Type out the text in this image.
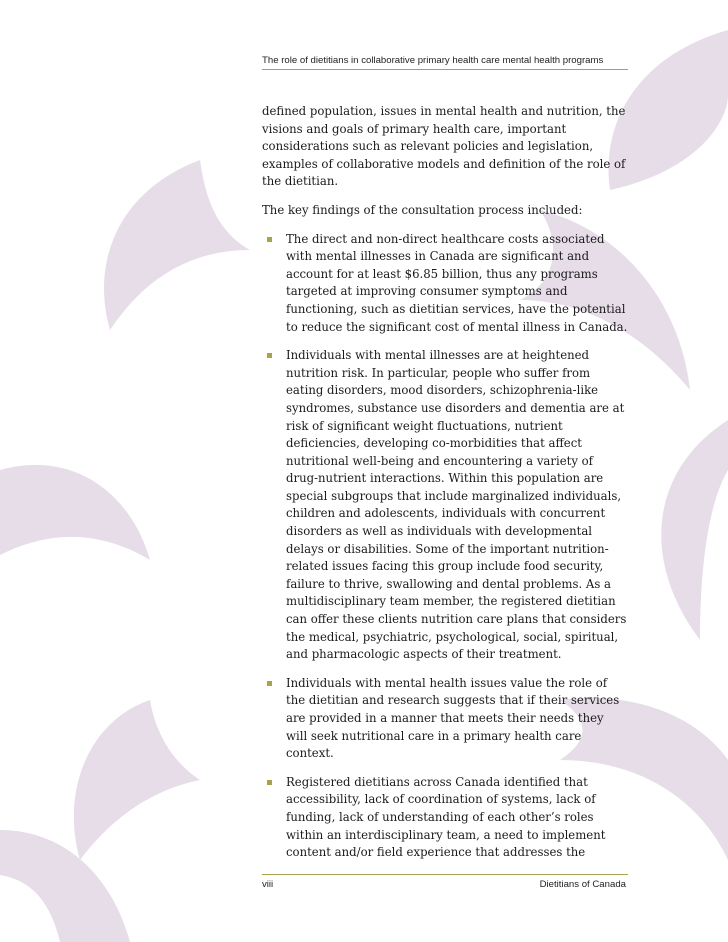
The role of dietitians in collaborative primary health care mental health programs

defined population, issues in mental health and nutrition, the visions and goals of primary health care, important considerations such as relevant policies and legislation, examples of collaborative models and definition of the role of the dietitian.

The key findings of the consultation process included:

The direct and non-direct healthcare costs associated with mental illnesses in Canada are significant and account for at least $6.85 billion, thus any programs targeted at improving consumer symptoms and functioning, such as dietitian services, have the potential to reduce the significant cost of mental illness in Canada.
Individuals with mental illnesses are at heightened nutrition risk. In particular, people who suffer from eating disorders, mood disorders, schizophrenia-like syndromes, substance use disorders and dementia are at risk of significant weight fluctuations, nutrient deficiencies, developing co-morbidities that affect nutritional well-being and encountering a variety of drug-nutrient interactions. Within this population are special subgroups that include marginalized individuals, children and adolescents, individuals with concurrent disorders as well as individuals with developmental delays or disabilities. Some of the important nutrition-related issues facing this group include food security, failure to thrive, swallowing and dental problems. As a multidisciplinary team member, the registered dietitian can offer these clients nutrition care plans that considers the medical, psychiatric, psychological, social, spiritual, and pharmacologic aspects of their treatment.
Individuals with mental health issues value the role of the dietitian and research suggests that if their services are provided in a manner that meets their needs they will seek nutritional care in a primary health care context.
Registered dietitians across Canada identified that accessibility, lack of coordination of systems, lack of funding, lack of understanding of each other’s roles within an interdisciplinary team, a need to implement content and/or field experience that addresses the
viii	Dietitians of Canada
